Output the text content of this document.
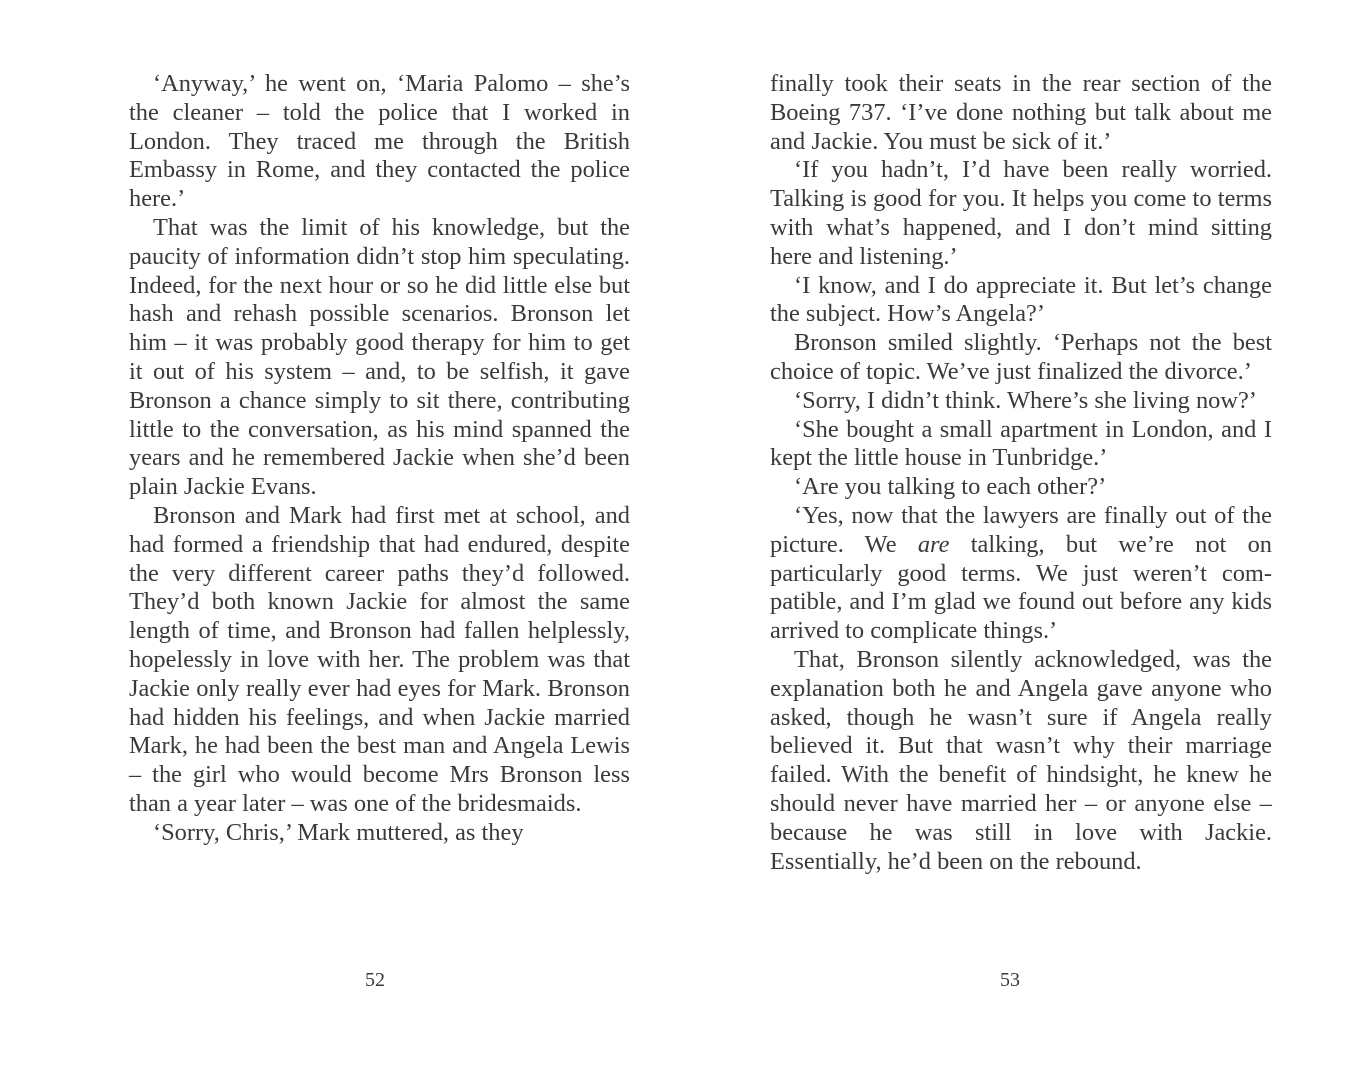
‘Anyway,’ he went on, ‘Maria Palomo – she’s the cleaner – told the police that I worked in London. They traced me through the British Embassy in Rome, and they contacted the police here.’

That was the limit of his knowledge, but the paucity of information didn’t stop him speculating. Indeed, for the next hour or so he did little else but hash and rehash possible scenarios. Bronson let him – it was probably good therapy for him to get it out of his system – and, to be selfish, it gave Bronson a chance simply to sit there, contributing little to the conversation, as his mind spanned the years and he remembered Jackie when she’d been plain Jackie Evans.

Bronson and Mark had first met at school, and had formed a friendship that had endured, despite the very different career paths they’d followed. They’d both known Jackie for almost the same length of time, and Bronson had fallen helplessly, hopelessly in love with her. The problem was that Jackie only really ever had eyes for Mark. Bronson had hidden his feelings, and when Jackie married Mark, he had been the best man and Angela Lewis – the girl who would become Mrs Bronson less than a year later – was one of the bridesmaids.

‘Sorry, Chris,’ Mark muttered, as they

finally took their seats in the rear section of the Boeing 737. ‘I’ve done nothing but talk about me and Jackie. You must be sick of it.’

‘If you hadn’t, I’d have been really worried. Talking is good for you. It helps you come to terms with what’s happened, and I don’t mind sitting here and listening.’

‘I know, and I do appreciate it. But let’s change the subject. How’s Angela?’

Bronson smiled slightly. ‘Perhaps not the best choice of topic. We’ve just finalized the divorce.’

‘Sorry, I didn’t think. Where’s she living now?’

‘She bought a small apartment in London, and I kept the little house in Tunbridge.’

‘Are you talking to each other?’

‘Yes, now that the lawyers are finally out of the picture. We are talking, but we’re not on particularly good terms. We just weren’t compatible, and I’m glad we found out before any kids arrived to complicate things.’

That, Bronson silently acknowledged, was the explanation both he and Angela gave anyone who asked, though he wasn’t sure if Angela really believed it. But that wasn’t why their marriage failed. With the benefit of hindsight, he knew he should never have married her – or anyone else – because he was still in love with Jackie. Essentially, he’d been on the rebound.

52	53
